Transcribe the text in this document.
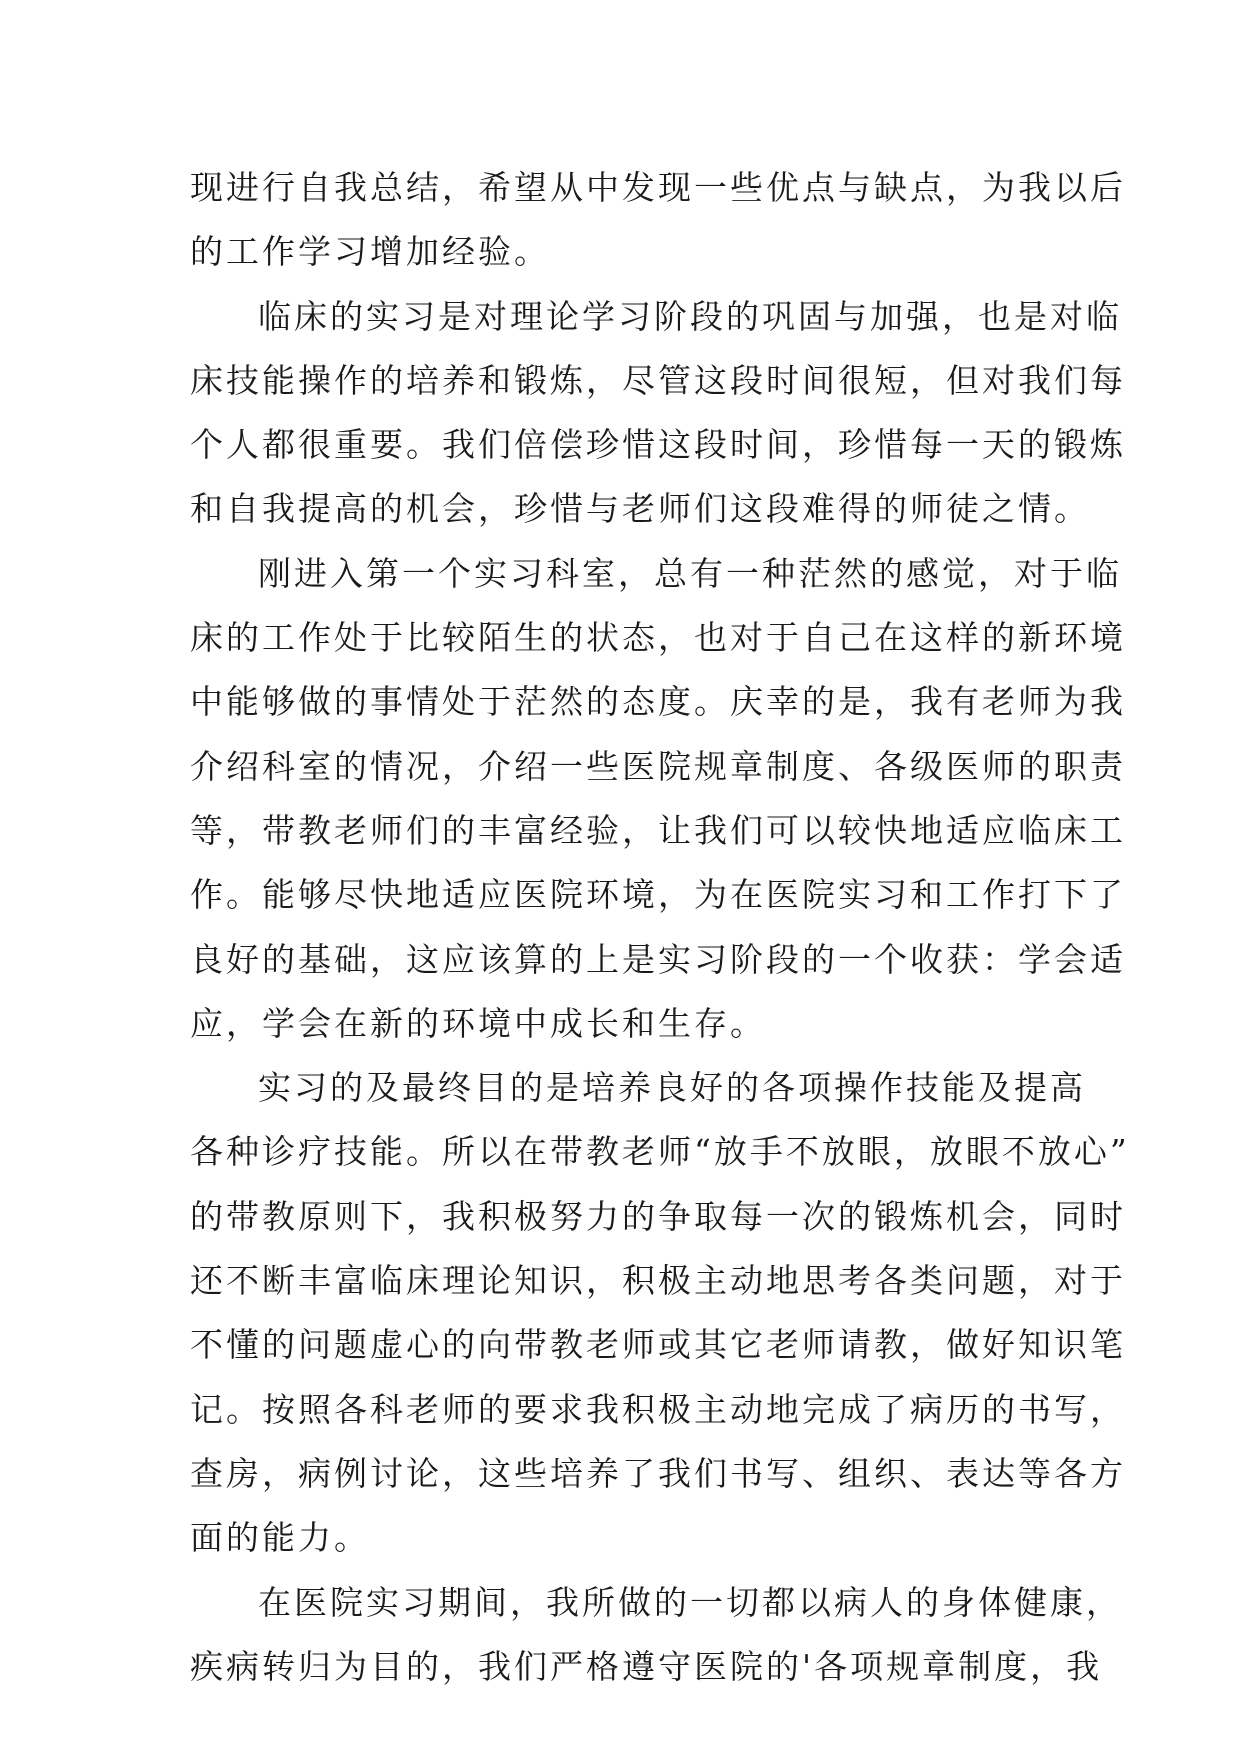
现进行自我总结，希望从中发现一些优点与缺点，为我以后
的工作学习增加经验。
临床的实习是对理论学习阶段的巩固与加强，也是对临
床技能操作的培养和锻炼，尽管这段时间很短，但对我们每
个人都很重要。我们倍偿珍惜这段时间，珍惜每一天的锻炼
和自我提高的机会，珍惜与老师们这段难得的师徒之情。
刚进入第一个实习科室，总有一种茫然的感觉，对于临
床的工作处于比较陌生的状态，也对于自己在这样的新环境
中能够做的事情处于茫然的态度。庆幸的是，我有老师为我
介绍科室的情况，介绍一些医院规章制度、各级医师的职责
等，带教老师们的丰富经验，让我们可以较快地适应临床工
作。能够尽快地适应医院环境，为在医院实习和工作打下了
良好的基础，这应该算的上是实习阶段的一个收获：学会适
应，学会在新的环境中成长和生存。
实习的及最终目的是培养良好的各项操作技能及提高
各种诊疗技能。所以在带教老师“放手不放眼，放眼不放心”
的带教原则下，我积极努力的争取每一次的锻炼机会，同时
还不断丰富临床理论知识，积极主动地思考各类问题，对于
不懂的问题虚心的向带教老师或其它老师请教，做好知识笔
记。按照各科老师的要求我积极主动地完成了病历的书写，
查房，病例讨论，这些培养了我们书写、组织、表达等各方
面的能力。
在医院实习期间，我所做的一切都以病人的身体健康，
疾病转归为目的，我们严格遵守医院的'各项规章制度，我
